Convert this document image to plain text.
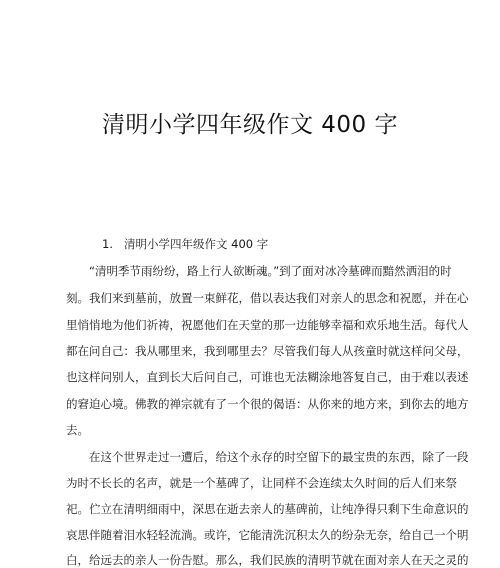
清明小学四年级作文 400 字
1. 清明小学四年级作文 400 字
“清明季节雨纷纷，路上行人欲断魂。”到了面对冰冷墓碑而黯然洒泪的时
刻。我们来到墓前，放置一束鲜花，借以表达我们对亲人的思念和祝愿，并在心
里悄悄地为他们祈祷，祝愿他们在天堂的那一边能够幸福和欢乐地生活。每代人
都在问自己：我从哪里来，我到哪里去？尽管我们每人从孩童时就这样问父母，
也这样问别人，直到长大后问自己，可谁也无法糊涂地答复自己，由于难以表述
的窘迫心境。佛教的禅宗就有了一个很的偈语：从你来的地方来，到你去的地方
去。
在这个世界走过一遭后，给这个永存的时空留下的最宝贵的东西，除了一段
为时不长长的名声，就是一个墓碑了，让同样不会连续太久时间的后人们来祭
祀。伫立在清明细雨中，深思在逝去亲人的墓碑前，让纯净得只剩下生命意识的
哀思伴随着泪水轻轻流淌。或许，它能清洗沉积太久的纷杂无奈，给自己一个明
白，给远去的亲人一份告慰。那么，我们民族的清明节就在面对亲人在天之灵的
